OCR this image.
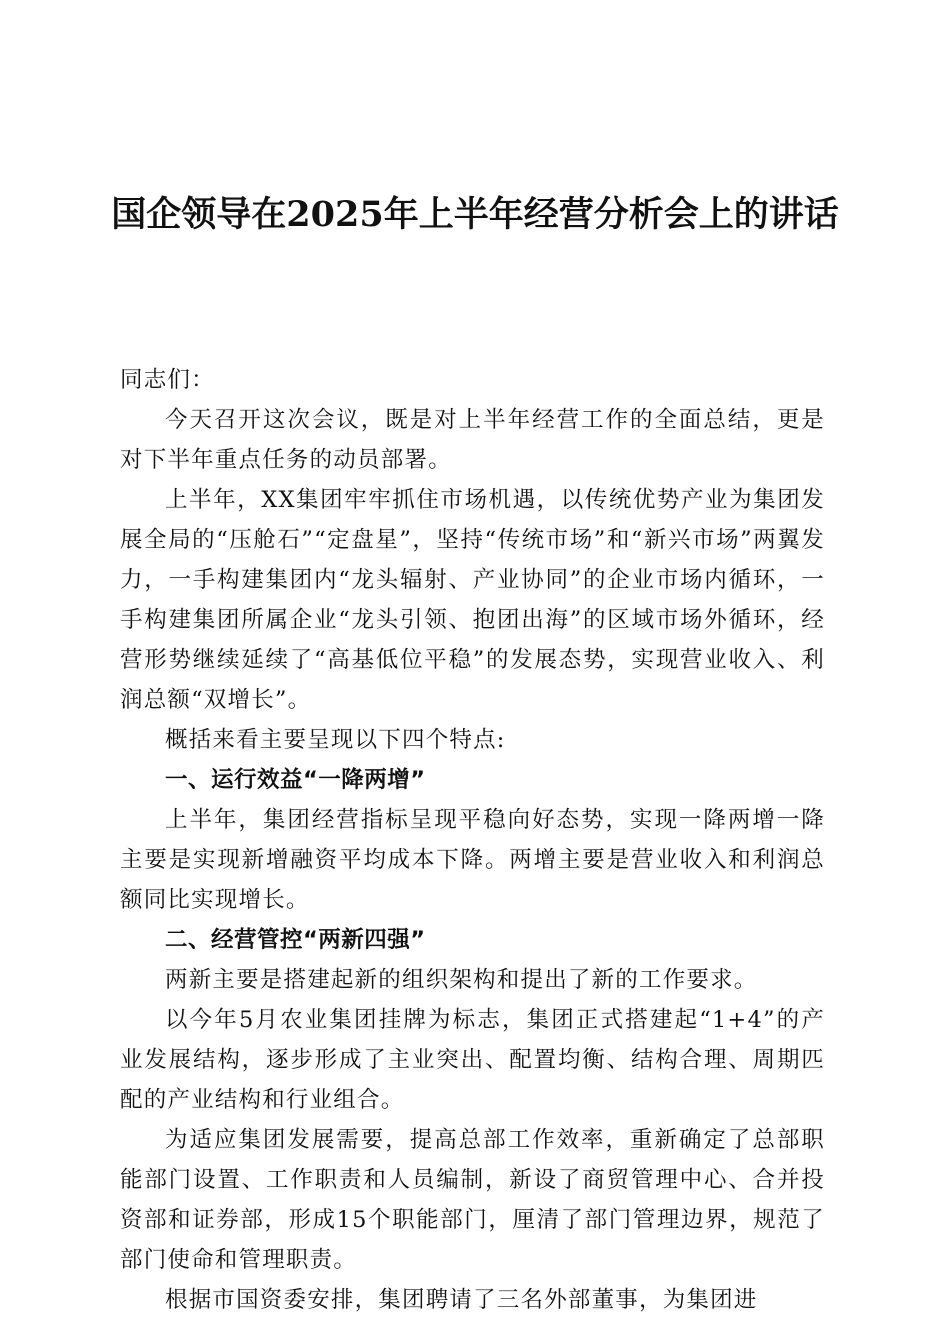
国企领导在2025年上半年经营分析会上的讲话

同志们：

今天召开这次会议，既是对上半年经营工作的全面总结，更是对下半年重点任务的动员部署。

上半年，XX集团牢牢抓住市场机遇，以传统优势产业为集团发展全局的“压舱石”“定盘星”，坚持“传统市场”和“新兴市场”两翼发力，一手构建集团内“龙头辐射、产业协同”的企业市场内循环，一手构建集团所属企业“龙头引领、抱团出海”的区域市场外循环，经营形势继续延续了“高基低位平稳”的发展态势，实现营业收入、利润总额“双增长”。

概括来看主要呈现以下四个特点:

一、运行效益“一降两增”

上半年，集团经营指标呈现平稳向好态势，实现一降两增一降主要是实现新增融资平均成本下降。两增主要是营业收入和利润总额同比实现增长。

二、经营管控“两新四强”

两新主要是搭建起新的组织架构和提出了新的工作要求。

以今年5月农业集团挂牌为标志，集团正式搭建起“1+4”的产业发展结构，逐步形成了主业突出、配置均衡、结构合理、周期匹配的产业结构和行业组合。

为适应集团发展需要，提高总部工作效率，重新确定了总部职能部门设置、工作职责和人员编制，新设了商贸管理中心、合并投资部和证券部，形成15个职能部门，厘清了部门管理边界，规范了部门使命和管理职责。

根据市国资委安排，集团聘请了三名外部董事，为集团进
